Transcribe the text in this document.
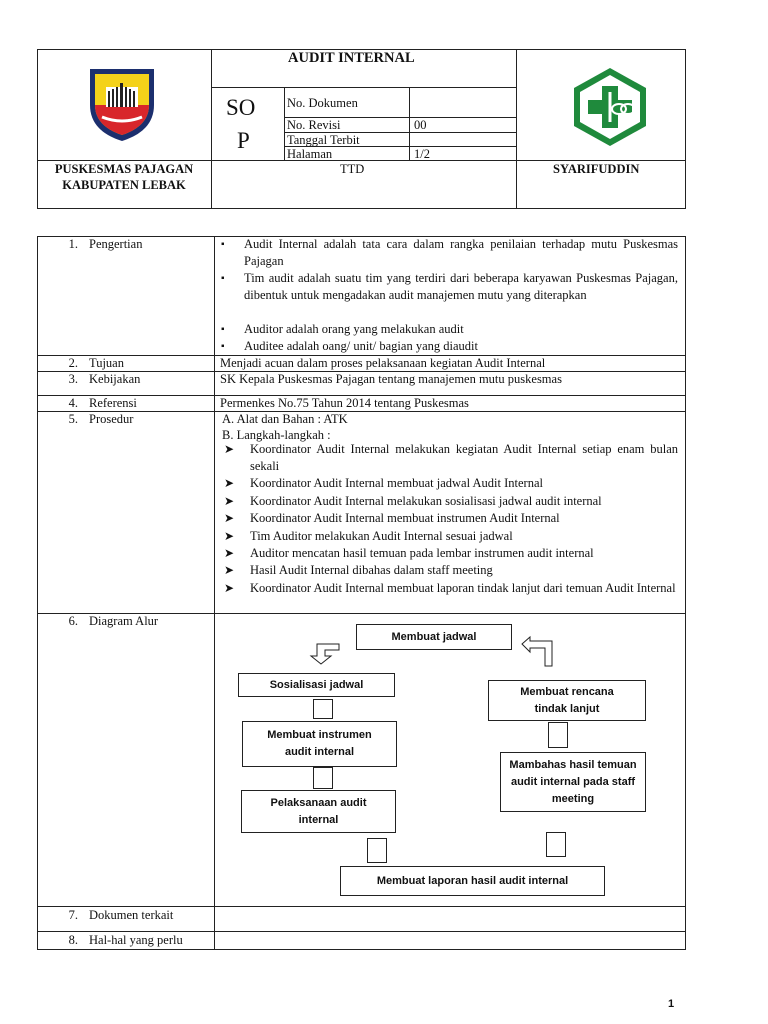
AUDIT INTERNAL
SO
P
No. Dokumen
No. Revisi	00
Tanggal Terbit
Halaman	1/2
PUSKESMAS PAJAGAN
KABUPATEN LEBAK
TTD	SYARIFUDDIN
1. Pengertian	▪ Audit Internal adalah tata cara dalam rangka penilaian terhadap mutu Puskesmas Pajagan
▪ Tim audit adalah suatu tim yang terdiri dari beberapa karyawan Puskesmas Pajagan, dibentuk untuk mengadakan audit manajemen mutu yang diterapkan
▪ Auditor adalah orang yang melakukan audit
▪ Auditee adalah oang/ unit/ bagian yang diaudit
2. Tujuan	Menjadi acuan dalam proses pelaksanaan kegiatan Audit Internal
3. Kebijakan	SK Kepala Puskesmas Pajagan tentang manajemen mutu puskesmas
4. Referensi	Permenkes No.75 Tahun 2014 tentang Puskesmas
5. Prosedur	A. Alat dan Bahan : ATK
B. Langkah-langkah :
➤ Koordinator Audit Internal melakukan kegiatan Audit Internal setiap enam bulan sekali
➤ Koordinator Audit Internal membuat jadwal Audit Internal
➤ Koordinator Audit Internal melakukan sosialisasi jadwal audit internal
➤ Koordinator Audit Internal membuat instrumen Audit Internal
➤ Tim Auditor melakukan Audit Internal sesuai jadwal
➤ Auditor mencatan hasil temuan pada lembar instrumen audit internal
➤ Hasil Audit Internal dibahas dalam staff meeting
➤ Koordinator Audit Internal membuat laporan tindak lanjut dari temuan Audit Internal
6. Diagram Alur
Membuat jadwal
Sosialisasi jadwal
Membuat instrumen audit internal
Pelaksanaan audit internal
Membuat laporan hasil audit internal
Mambahas hasil temuan audit internal pada staff meeting
Membuat rencana tindak lanjut
7. Dokumen terkait
8. Hal-hal yang perlu
1
